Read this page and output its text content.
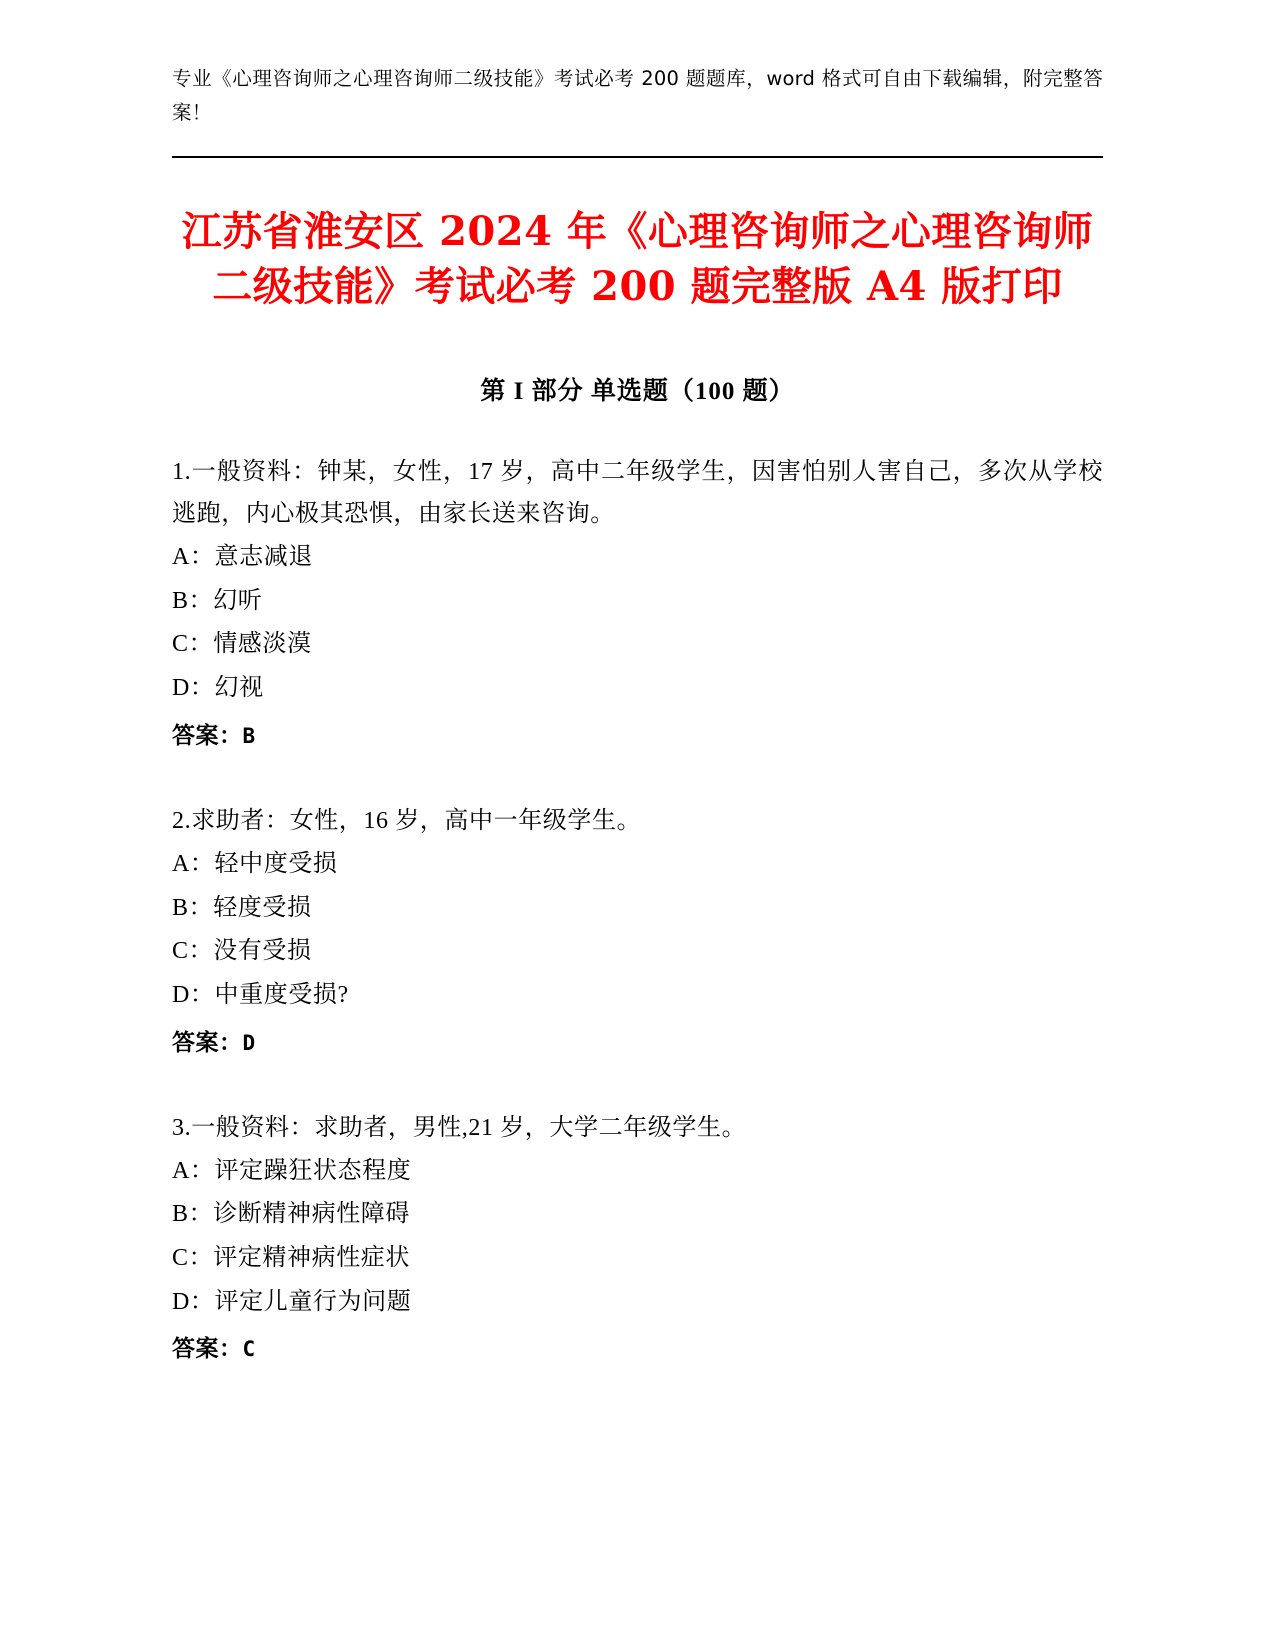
专业《心理咨询师之心理咨询师二级技能》考试必考 200 题题库，word 格式可自由下载编辑，附完整答案！
江苏省淮安区 2024 年《心理咨询师之心理咨询师二级技能》考试必考 200 题完整版 A4 版打印
第 I 部分 单选题（100 题）
1.一般资料：钟某，女性，17 岁，高中二年级学生，因害怕别人害自己，多次从学校逃跑，内心极其恐惧，由家长送来咨询。
A：意志减退
B：幻听
C：情感淡漠
D：幻视
答案：B
2.求助者：女性，16 岁，高中一年级学生。
A：轻中度受损
B：轻度受损
C：没有受损
D：中重度受损?
答案：D
3.一般资料：求助者，男性,21 岁，大学二年级学生。
A：评定躁狂状态程度
B：诊断精神病性障碍
C：评定精神病性症状
D：评定儿童行为问题
答案：C
